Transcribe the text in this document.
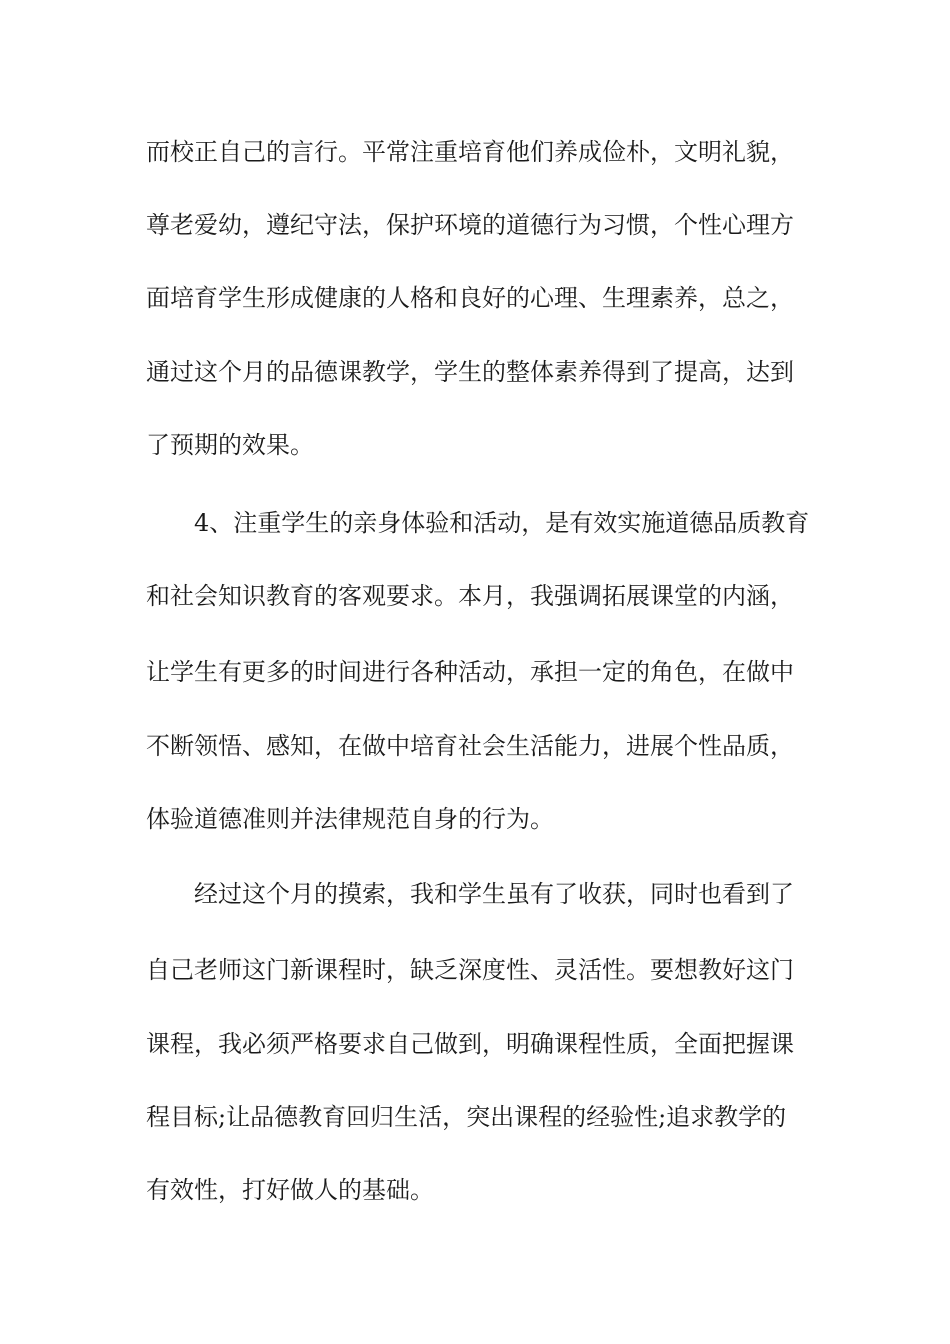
而校正自己的言行。平常注重培育他们养成俭朴，文明礼貌，
尊老爱幼，遵纪守法，保护环境的道德行为习惯，个性心理方
面培育学生形成健康的人格和良好的心理、生理素养，总之，
通过这个月的品德课教学，学生的整体素养得到了提高，达到
了预期的效果。
4、注重学生的亲身体验和活动，是有效实施道德品质教育
和社会知识教育的客观要求。本月，我强调拓展课堂的内涵，
让学生有更多的时间进行各种活动，承担一定的角色，在做中
不断领悟、感知，在做中培育社会生活能力，进展个性品质，
体验道德准则并法律规范自身的行为。
经过这个月的摸索，我和学生虽有了收获，同时也看到了
自己老师这门新课程时，缺乏深度性、灵活性。要想教好这门
课程，我必须严格要求自己做到，明确课程性质，全面把握课
程目标;让品德教育回归生活，突出课程的经验性;追求教学的
有效性，打好做人的基础。
